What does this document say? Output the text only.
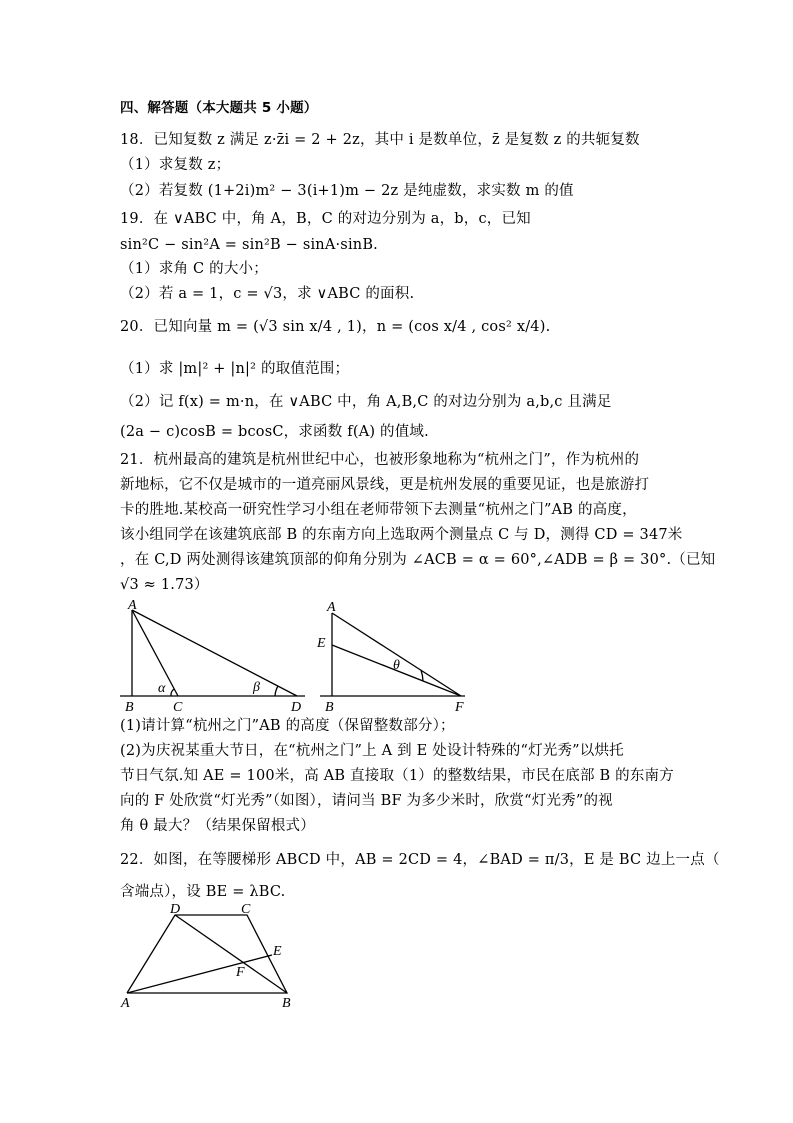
四、解答题（本大题共 5 小题）
18．已知复数 z 满足 z·z̄i = 2 + 2z，其中 i 是数单位，z̄ 是复数 z 的共轭复数
（1）求复数 z；
（2）若复数 (1+2i)m² − 3(i+1)m − 2z 是纯虚数，求实数 m 的值
19．在 ∨ABC 中，角 A，B，C 的对边分别为 a，b，c，已知
sin²C − sin²A = sin²B − sinA·sinB.
（1）求角 C 的大小；
（2）若 a = 1，c = √3，求 ∨ABC 的面积.
20．已知向量 m = (√3 sin x/4 , 1)，n = (cos x/4 , cos² x/4).
（1）求 |m|² + |n|² 的取值范围；
（2）记 f(x) = m·n，在 ∨ABC 中，角 A,B,C 的对边分别为 a,b,c 且满足
(2a − c)cosB = bcosC，求函数 f(A) 的值域.
21．杭州最高的建筑是杭州世纪中心，也被形象地称为“杭州之门”，作为杭州的
新地标，它不仅是城市的一道亮丽风景线，更是杭州发展的重要见证，也是旅游打
卡的胜地.某校高一研究性学习小组在老师带领下去测量“杭州之门”AB 的高度，
该小组同学在该建筑底部 B 的东南方向上选取两个测量点 C 与 D，测得 CD = 347米
，在 C,D 两处测得该建筑顶部的仰角分别为 ∠ACB = α = 60°,∠ADB = β = 30°.（已知
√3 ≈ 1.73）
A
B	C	D
α	β
A
E
B	F
θ
(1)请计算“杭州之门”AB 的高度（保留整数部分）；
(2)为庆祝某重大节日，在“杭州之门”上 A 到 E 处设计特殊的“灯光秀”以烘托
节日气氛.知 AE = 100米，高 AB 直接取（1）的整数结果，市民在底部 B 的东南方
向的 F 处欣赏“灯光秀”（如图），请问当 BF 为多少米时，欣赏“灯光秀”的视
角 θ 最大？（结果保留根式）
22．如图，在等腰梯形 ABCD 中，AB = 2CD = 4，∠BAD = π/3，E 是 BC 边上一点（
含端点），设 BE = λBC.
D	C
E
F
A	B
